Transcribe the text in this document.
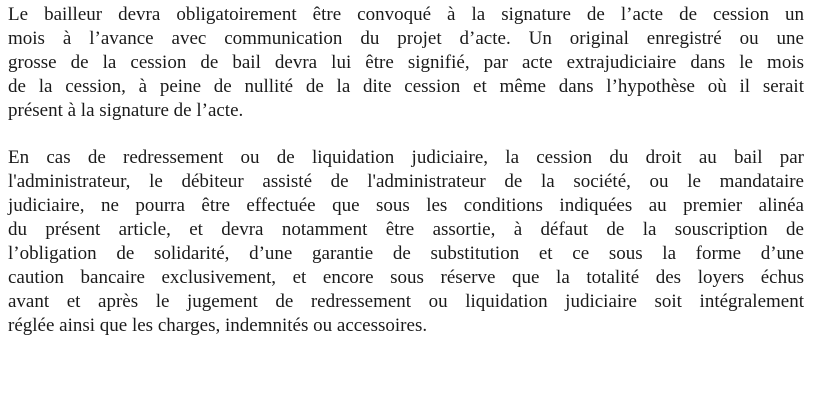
Le bailleur devra obligatoirement être convoqué à la signature de l’acte de cession un
mois à l’avance avec communication du projet d’acte. Un original enregistré ou une
grosse de la cession de bail devra lui être signifié, par acte extrajudiciaire dans le mois
de la cession, à peine de nullité de la dite cession et même dans l’hypothèse où il serait
présent à la signature de l’acte.
En cas de redressement ou de liquidation judiciaire, la cession du droit au bail par
l'administrateur, le débiteur assisté de l'administrateur de la société, ou le mandataire
judiciaire, ne pourra être effectuée que sous les conditions indiquées au premier alinéa
du présent article, et devra notamment être assortie, à défaut de la souscription de
l’obligation de solidarité, d’une garantie de substitution et ce sous la forme d’une
caution bancaire exclusivement, et encore sous réserve que la totalité des loyers échus
avant et après le jugement de redressement ou liquidation judiciaire soit intégralement
réglée ainsi que les charges, indemnités ou accessoires.
